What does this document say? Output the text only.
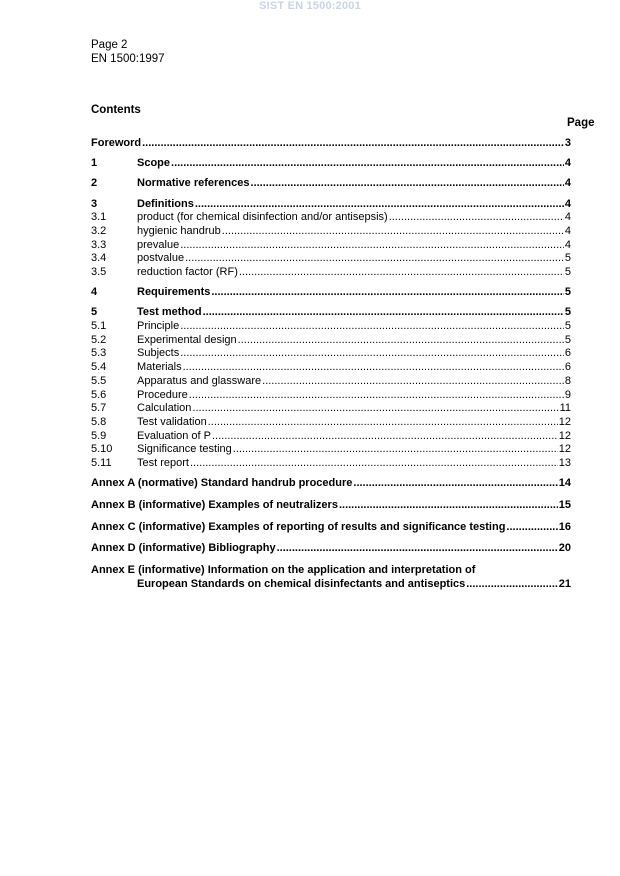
SIST EN 1500:2001
Page 2
EN 1500:1997
Contents
Page
Foreword .....	3
1	Scope .....	4
2	Normative references .....	4
3	Definitions .....	4
3.1	product (for chemical disinfection and/or antisepsis) .....	4
3.2	hygienic handrub .....	4
3.3	prevalue .....	4
3.4	postvalue .....	5
3.5	reduction factor (RF) .....	5
4	Requirements .....	5
5	Test method .....	5
5.1	Principle .....	5
5.2	Experimental design .....	5
5.3	Subjects .....	6
5.4	Materials .....	6
5.5	Apparatus and glassware .....	8
5.6	Procedure .....	9
5.7	Calculation .....	11
5.8	Test validation .....	12
5.9	Evaluation of P .....	12
5.10	Significance testing .....	12
5.11	Test report .....	13
Annex A (normative) Standard handrub procedure .....	14
Annex B (informative) Examples of neutralizers .....	15
Annex C (informative) Examples of reporting of results and significance testing .....	16
Annex D (informative) Bibliography .....	20
Annex E (informative) Information on the application and interpretation of
European Standards on chemical disinfectants and antiseptics .....	21
